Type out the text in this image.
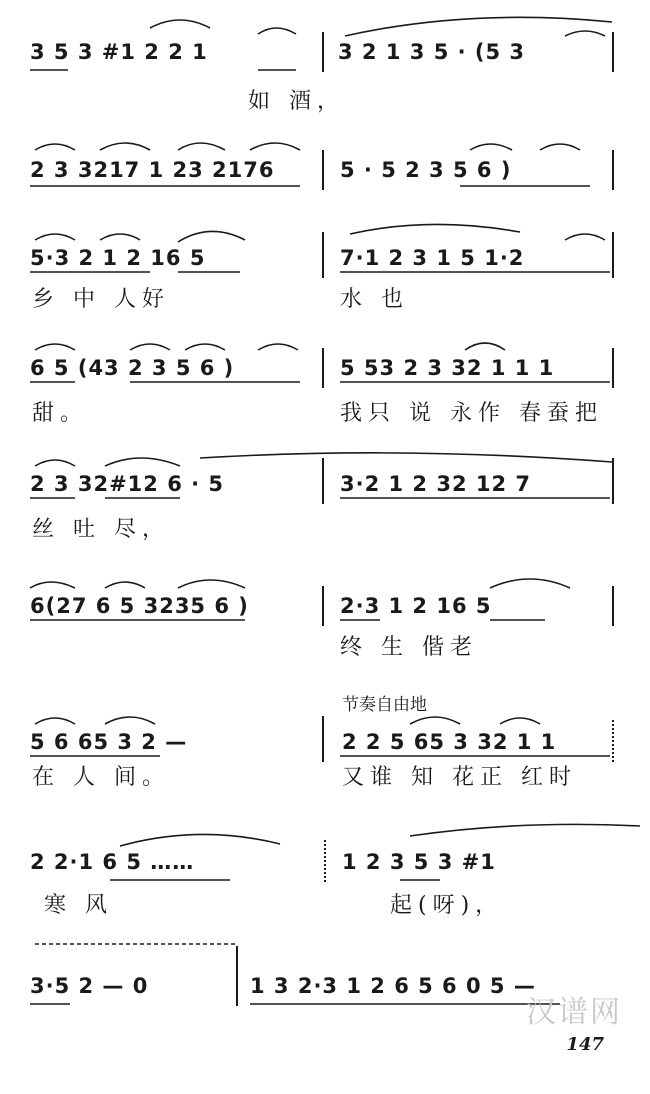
3 5 3 #1 2 2 1	3 2 1 3 5 · (5 3
如 酒，
2 3 3217 1 23 2176	5 · 5 2 3 5 6 )
5·3 2 1 2 16 5	7·1 2 3 1 5 1·2
乡 中 人好	水 也
6 5 (43 2 3 5 6 )	5 53 2 3 32 1 1 1
甜。	我只 说 永作 春蚕把
2 3 32#12 6 · 5	3·2 1 2 32 12 7
丝 吐 尽，
6(27 6 5 3235 6 )	2·3 1 2 16 5
终 生 偕老
节奏自由地
5 6 65 3 2 —	2 2 5 65 3 32 1 1
在 人 间。	又谁 知 花正 红时
2 2·1 6 5 ……	1 2 3 5 3 #1
寒 风	起(呀)，
3·5 2 — 0	1 3 2·3 1 2 6 5 6 0 5 —
汉谱网
147
